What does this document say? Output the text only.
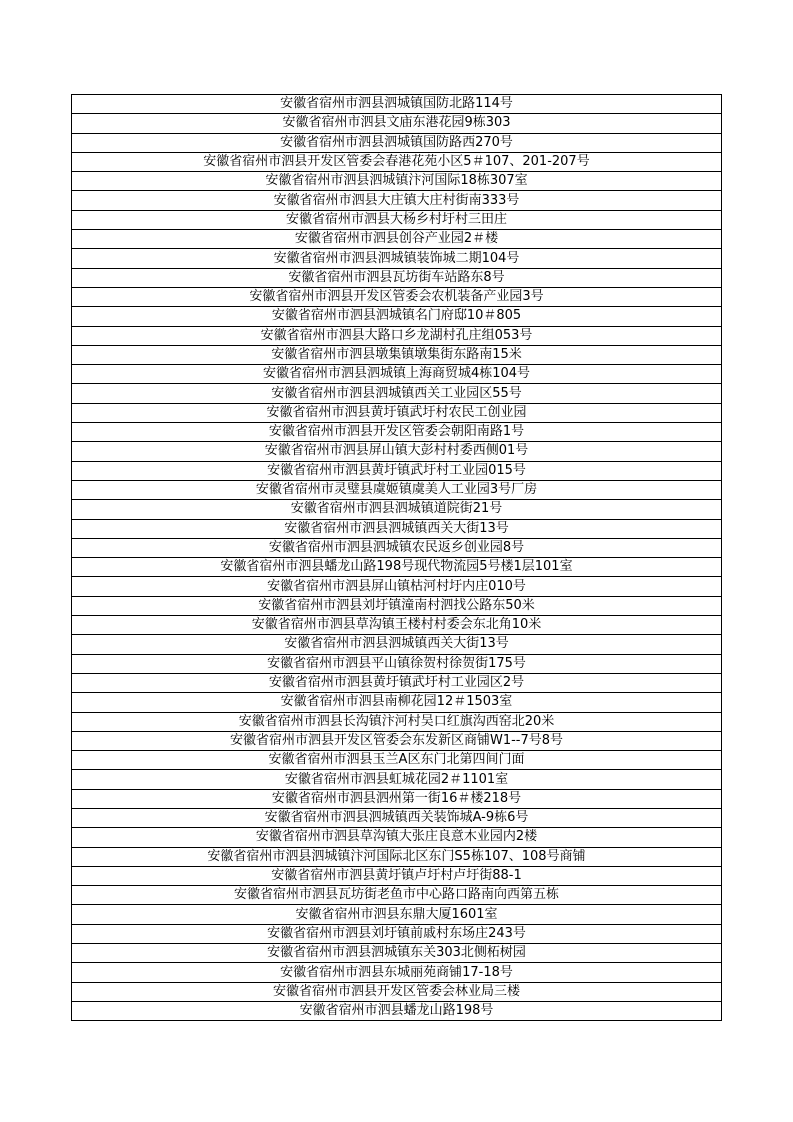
安徽省宿州市泗县泗城镇国防北路114号
安徽省宿州市泗县文庙东港花园9栋303
安徽省宿州市泗县泗城镇国防路西270号
安徽省宿州市泗县开发区管委会春港花苑小区5＃107、201-207号
安徽省宿州市泗县泗城镇汴河国际18栋307室
安徽省宿州市泗县大庄镇大庄村街南333号
安徽省宿州市泗县大杨乡村圩村三田庄
安徽省宿州市泗县创谷产业园2＃楼
安徽省宿州市泗县泗城镇装饰城二期104号
安徽省宿州市泗县瓦坊街车站路东8号
安徽省宿州市泗县开发区管委会农机装备产业园3号
安徽省宿州市泗县泗城镇名门府邸10＃805
安徽省宿州市泗县大路口乡龙湖村孔庄组053号
安徽省宿州市泗县墩集镇墩集街东路南15米
安徽省宿州市泗县泗城镇上海商贸城4栋104号
安徽省宿州市泗县泗城镇西关工业园区55号
安徽省宿州市泗县黄圩镇武圩村农民工创业园
安徽省宿州市泗县开发区管委会朝阳南路1号
安徽省宿州市泗县屏山镇大彭村村委西侧01号
安徽省宿州市泗县黄圩镇武圩村工业园015号
安徽省宿州市灵璧县虞姬镇虞美人工业园3号厂房
安徽省宿州市泗县泗城镇道院街21号
安徽省宿州市泗县泗城镇西关大街13号
安徽省宿州市泗县泗城镇农民返乡创业园8号
安徽省宿州市泗县蟠龙山路198号现代物流园5号楼1层101室
安徽省宿州市泗县屏山镇枯河村圩内庄010号
安徽省宿州市泗县刘圩镇潼南村泗找公路东50米
安徽省宿州市泗县草沟镇王楼村村委会东北角10米
安徽省宿州市泗县泗城镇西关大街13号
安徽省宿州市泗县平山镇徐贺村徐贺街175号
安徽省宿州市泗县黄圩镇武圩村工业园区2号
安徽省宿州市泗县南柳花园12＃1503室
安徽省宿州市泗县长沟镇汴河村吴口红旗沟西窑北20米
安徽省宿州市泗县开发区管委会东发新区商铺W1--7号8号
安徽省宿州市泗县玉兰A区东门北第四间门面
安徽省宿州市泗县虹城花园2＃1101室
安徽省宿州市泗县泗州第一街16＃楼218号
安徽省宿州市泗县泗城镇西关装饰城A-9栋6号
安徽省宿州市泗县草沟镇大张庄良意木业园内2楼
安徽省宿州市泗县泗城镇汴河国际北区东门S5栋107、108号商铺
安徽省宿州市泗县黄圩镇卢圩村卢圩街88-1
安徽省宿州市泗县瓦坊街老鱼市中心路口路南向西第五栋
安徽省宿州市泗县东鼎大厦1601室
安徽省宿州市泗县刘圩镇前戚村东场庄243号
安徽省宿州市泗县泗城镇东关303北侧柘树园
安徽省宿州市泗县东城丽苑商铺17-18号
安徽省宿州市泗县开发区管委会林业局三楼
安徽省宿州市泗县蟠龙山路198号
